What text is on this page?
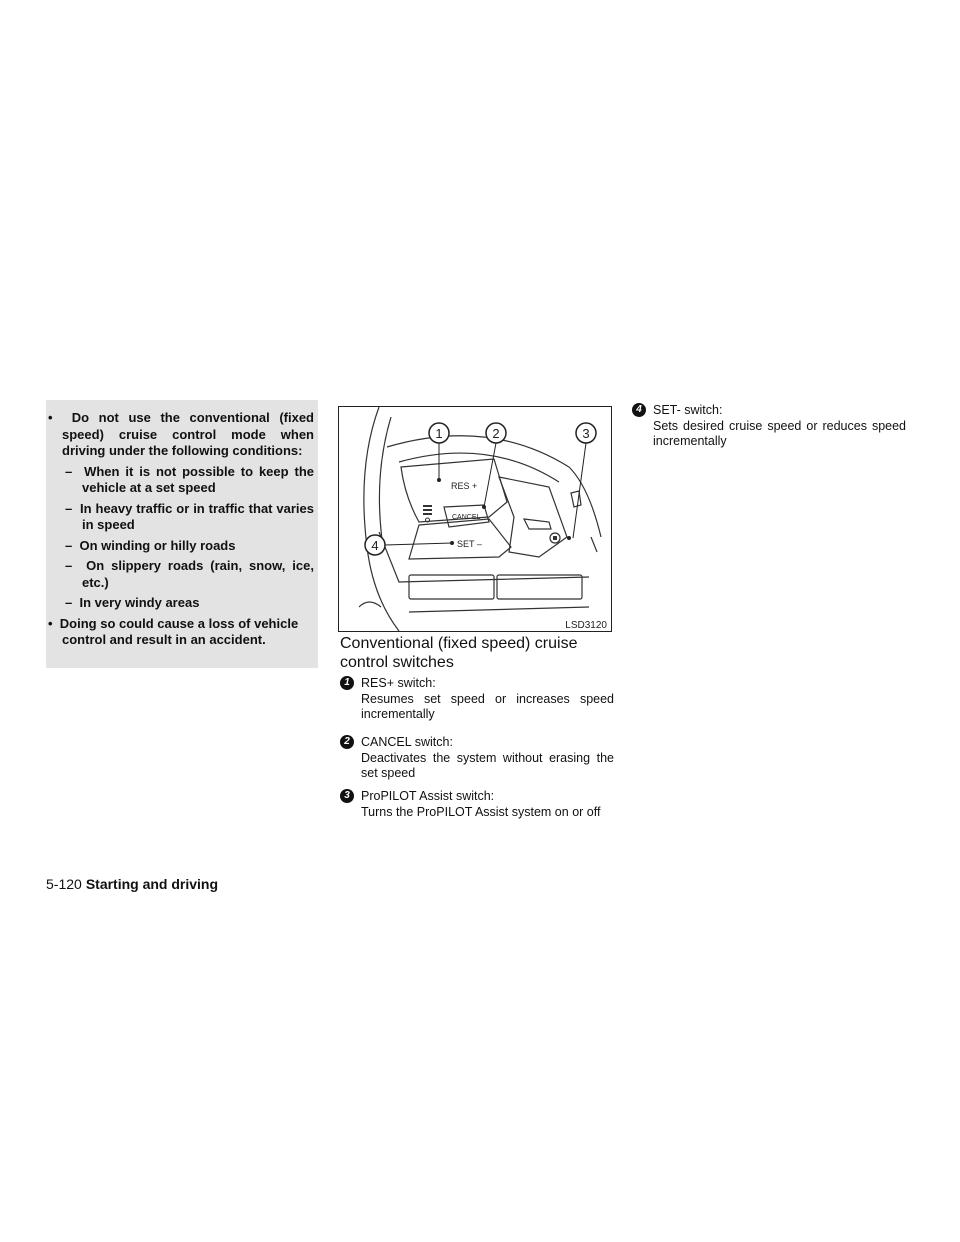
•  Do not use the conventional (fixed speed) cruise control mode when driving under the following conditions:

–  When it is not possible to keep the vehicle at a set speed

–  In heavy traffic or in traffic that varies in speed

–  On winding or hilly roads

–  On slippery roads (rain, snow, ice, etc.)

–  In very windy areas

•  Doing so could cause a loss of vehicle control and result in an accident.

1	2	3
4
RES +
CANCEL
SET –
LSD3120
Conventional (fixed speed) cruise control switches
1 RES+ switch:
Resumes set speed or increases speed incrementally
2 CANCEL switch:
Deactivates the system without erasing the set speed
3 ProPILOT Assist switch:
Turns the ProPILOT Assist system on or off
4 SET- switch:
Sets desired cruise speed or reduces speed incrementally
5-120 Starting and driving
